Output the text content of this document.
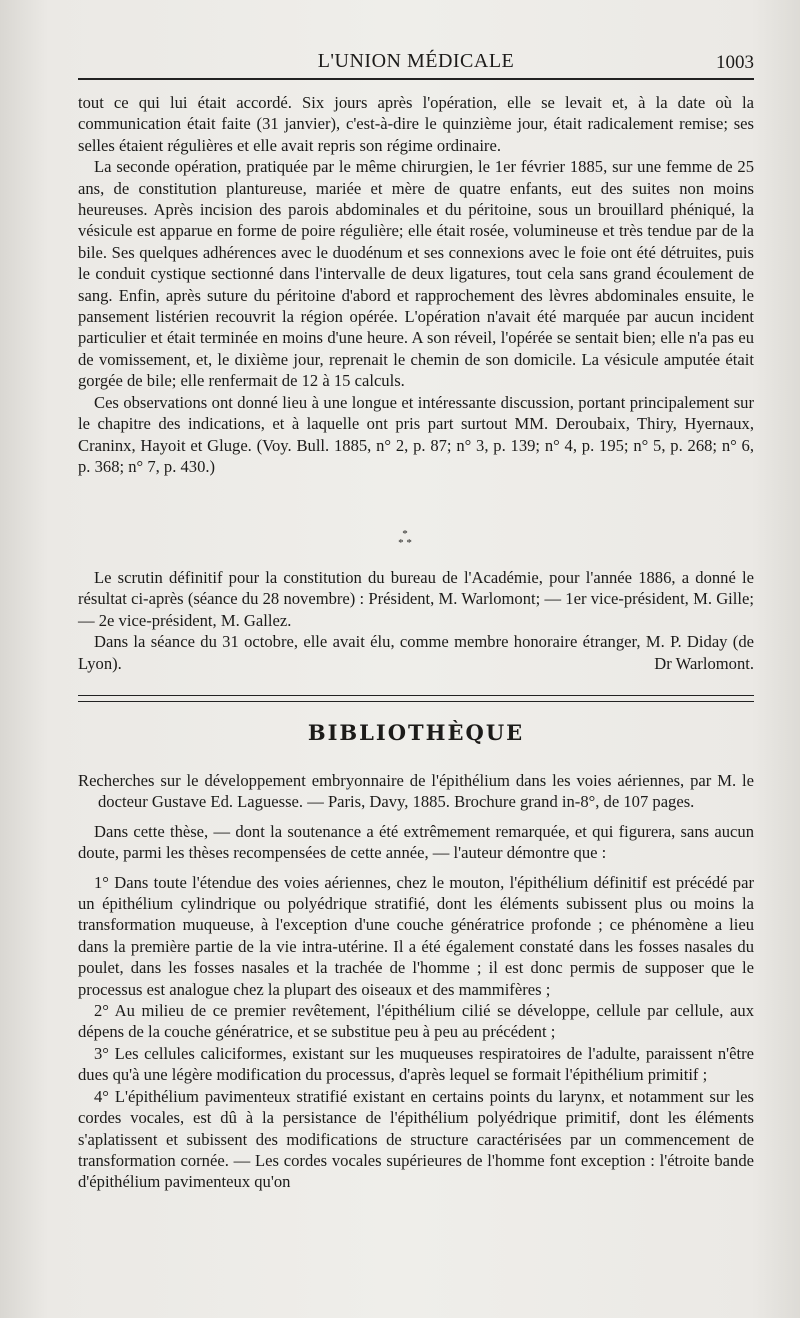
L'UNION MÉDICALE	1003

tout ce qui lui était accordé. Six jours après l'opération, elle se levait et, à la date où la communication était faite (31 janvier), c'est-à-dire le quinzième jour, était radicalement remise; ses selles étaient régulières et elle avait repris son régime ordinaire.

La seconde opération, pratiquée par le même chirurgien, le 1er février 1885, sur une femme de 25 ans, de constitution plantureuse, mariée et mère de quatre enfants, eut des suites non moins heureuses. Après incision des parois abdominales et du péritoine, sous un brouillard phéniqué, la vésicule est apparue en forme de poire régulière; elle était rosée, volumineuse et très tendue par de la bile. Ses quelques adhérences avec le duodénum et ses connexions avec le foie ont été détruites, puis le conduit cystique sectionné dans l'intervalle de deux ligatures, tout cela sans grand écoulement de sang. Enfin, après suture du péritoine d'abord et rapprochement des lèvres abdominales ensuite, le pansement listérien recouvrit la région opérée. L'opération n'avait été marquée par aucun incident particulier et était terminée en moins d'une heure. A son réveil, l'opérée se sentait bien; elle n'a pas eu de vomissement, et, le dixième jour, reprenait le chemin de son domicile. La vésicule amputée était gorgée de bile; elle renfermait de 12 à 15 calculs.

Ces observations ont donné lieu à une longue et intéressante discussion, portant principalement sur le chapitre des indications, et à laquelle ont pris part surtout MM. Deroubaix, Thiry, Hyernaux, Craninx, Hayoit et Gluge. (Voy. Bull. 1885, n° 2, p. 87; n° 3, p. 139; n° 4, p. 195; n° 5, p. 268; n° 6, p. 368; n° 7, p. 430.)

*
* *

Le scrutin définitif pour la constitution du bureau de l'Académie, pour l'année 1886, a donné le résultat ci-après (séance du 28 novembre) : Président, M. Warlomont; — 1er vice-président, M. Gille; — 2e vice-président, M. Gallez.

Dans la séance du 31 octobre, elle avait élu, comme membre honoraire étranger, M. P. Diday (de Lyon).	Dr Warlomont.

BIBLIOTHÈQUE

Recherches sur le développement embryonnaire de l'épithélium dans les voies aériennes, par M. le docteur Gustave Ed. Laguesse. — Paris, Davy, 1885. Brochure grand in-8°, de 107 pages.

Dans cette thèse, — dont la soutenance a été extrêmement remarquée, et qui figurera, sans aucun doute, parmi les thèses recompensées de cette année, — l'auteur démontre que :

1° Dans toute l'étendue des voies aériennes, chez le mouton, l'épithélium définitif est précédé par un épithélium cylindrique ou polyédrique stratifié, dont les éléments subissent plus ou moins la transformation muqueuse, à l'exception d'une couche génératrice profonde ; ce phénomène a lieu dans la première partie de la vie intra-utérine. Il a été également constaté dans les fosses nasales du poulet, dans les fosses nasales et la trachée de l'homme ; il est donc permis de supposer que le processus est analogue chez la plupart des oiseaux et des mammifères ;

2° Au milieu de ce premier revêtement, l'épithélium cilié se développe, cellule par cellule, aux dépens de la couche génératrice, et se substitue peu à peu au précédent ;

3° Les cellules caliciformes, existant sur les muqueuses respiratoires de l'adulte, paraissent n'être dues qu'à une légère modification du processus, d'après lequel se formait l'épithélium primitif ;

4° L'épithélium pavimenteux stratifié existant en certains points du larynx, et notamment sur les cordes vocales, est dû à la persistance de l'épithélium polyédrique primitif, dont les éléments s'aplatissent et subissent des modifications de structure caractérisées par un commencement de transformation cornée. — Les cordes vocales supérieures de l'homme font exception : l'étroite bande d'épithélium pavimenteux qu'on
